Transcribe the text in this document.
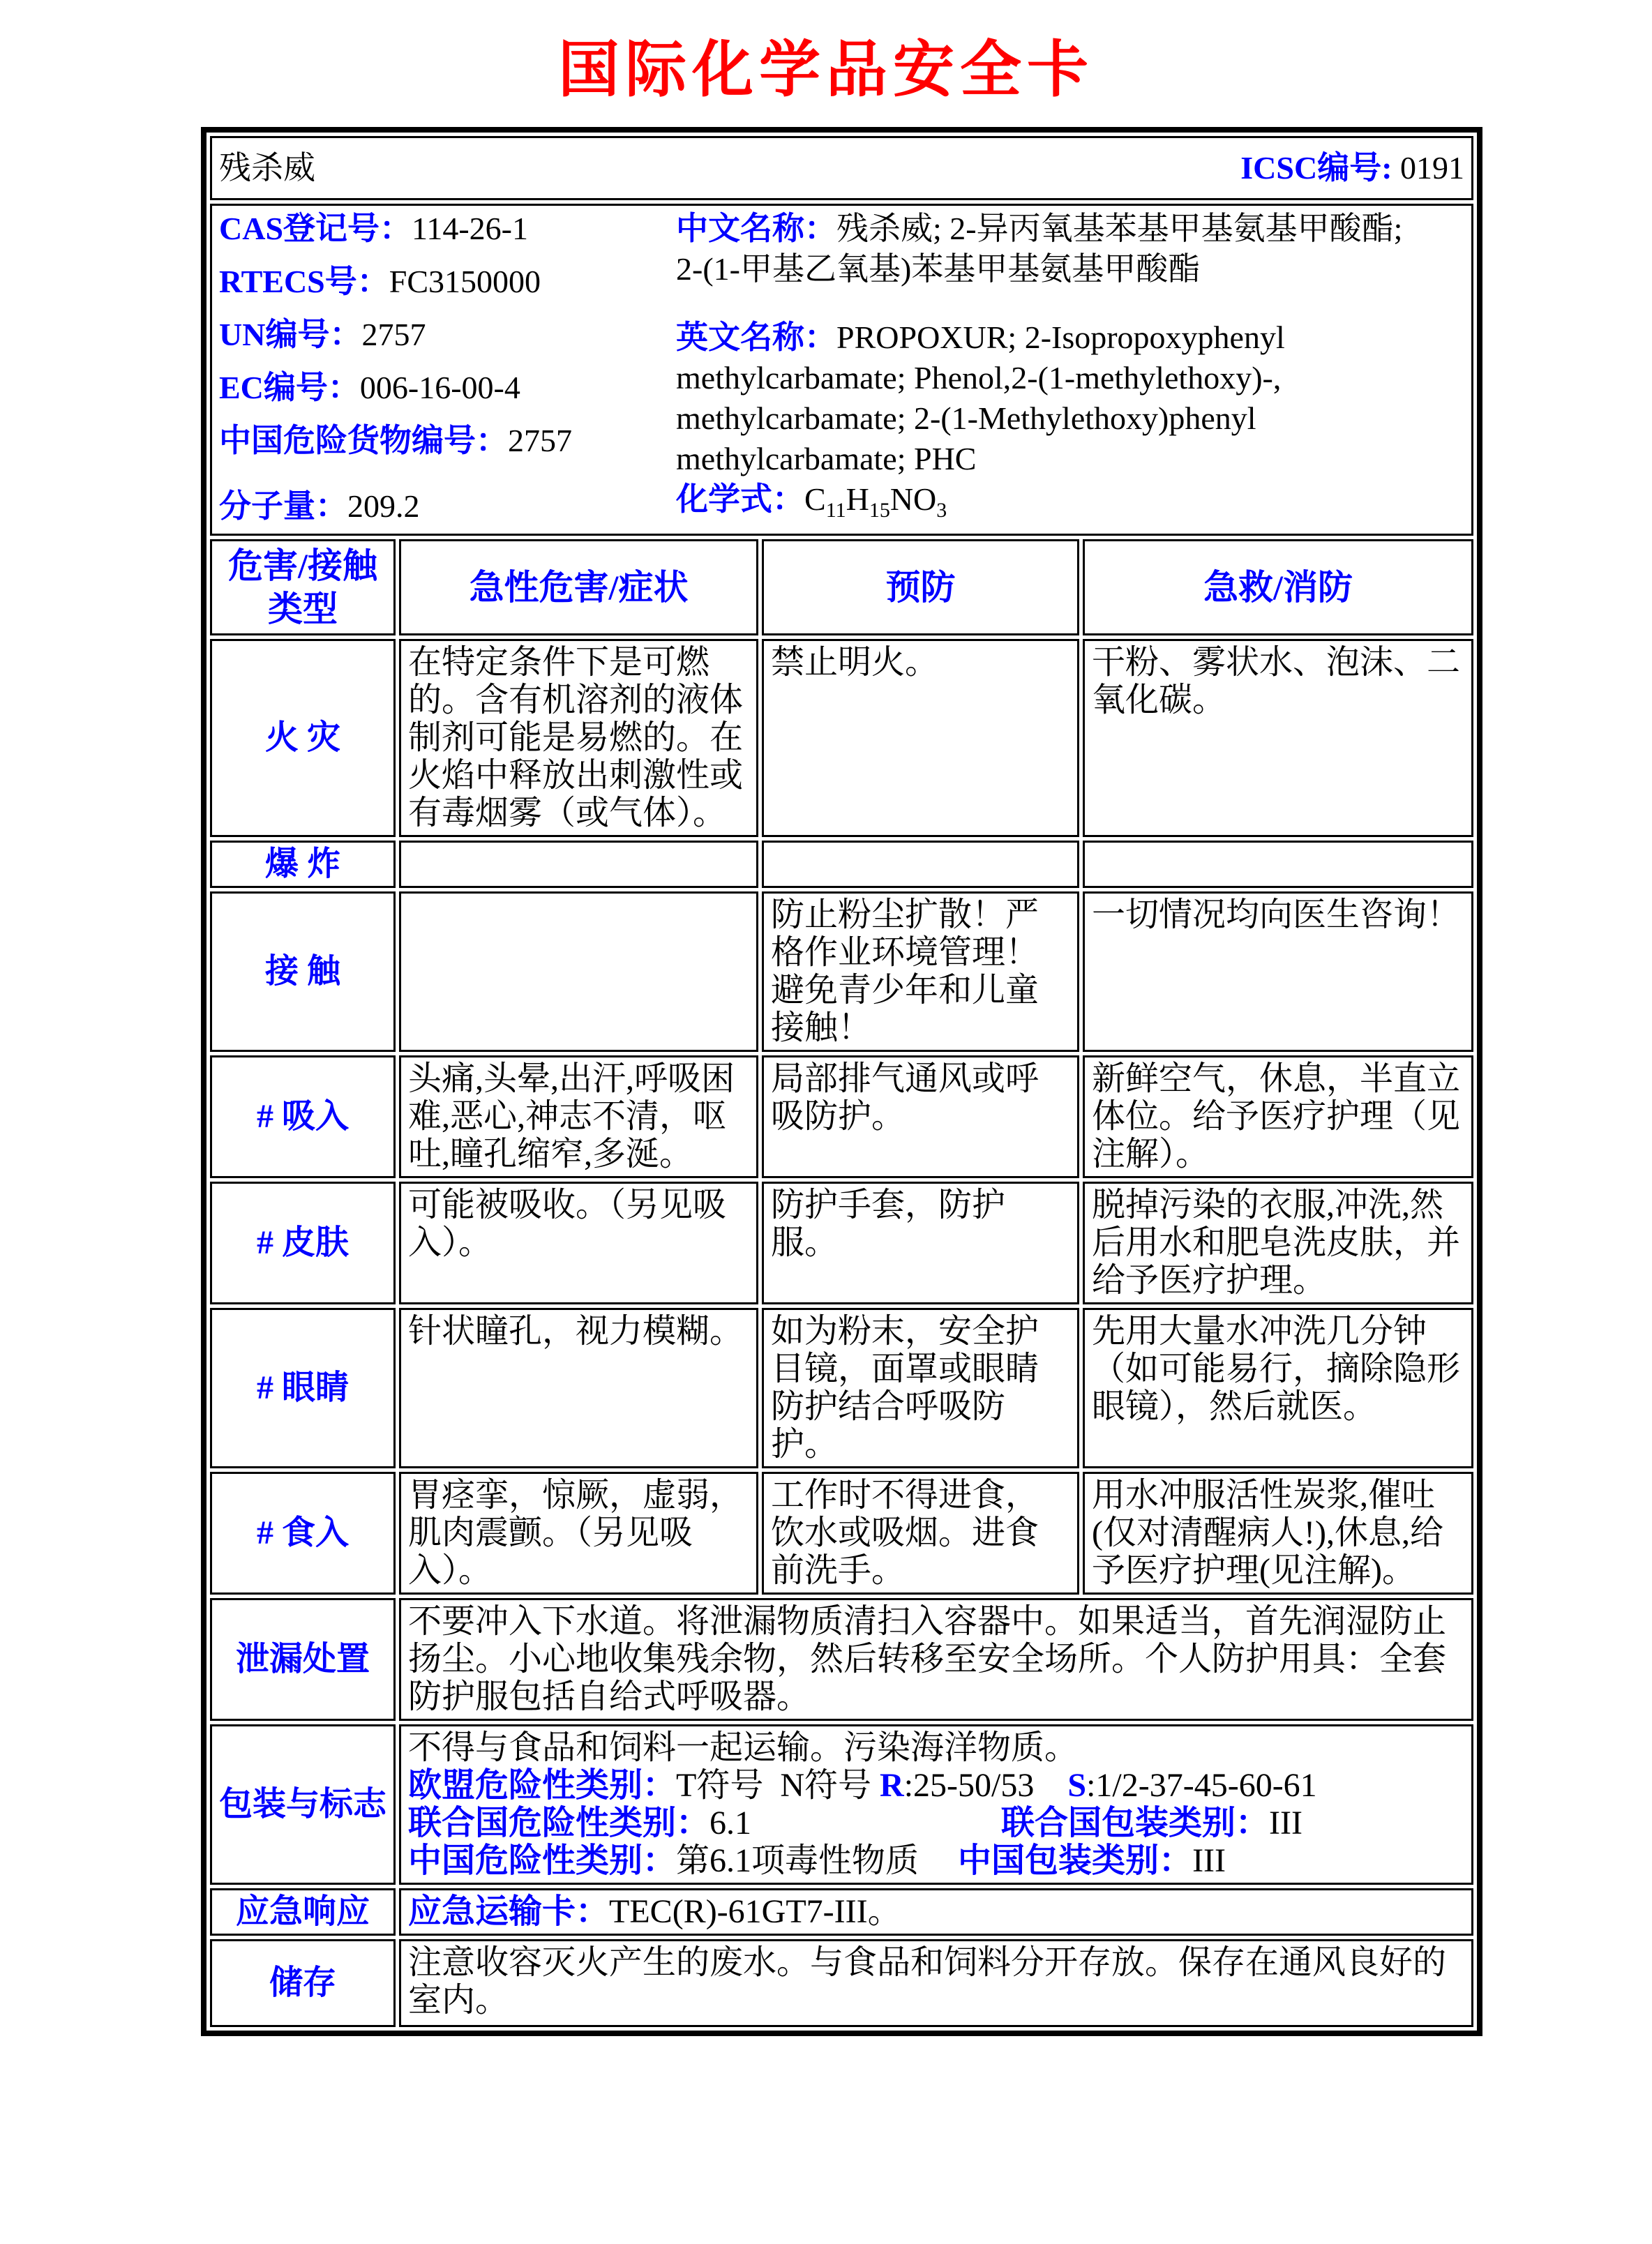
国际化学品安全卡
残杀威 ICSC编号: 0191			

CAS登记号：114-26-1
RTECS号：FC3150000
UN编号：2757
EC编号：006-16-00-4
中国危险货物编号：2757
分子量：209.2

中文名称：残杀威; 2-异丙氧基苯基甲基氨基甲酸酯; 2-(1-甲基乙氧基)苯基甲基氨基甲酸酯

英文名称：PROPOXUR; 2-Isopropoxyphenyl methylcarbamate; Phenol,2-(1-methylethoxy)-, methylcarbamate; 2-(1-Methylethoxy)phenyl methylcarbamate; PHC

化学式：$C_{11}H_{15}NO_3$

危害/接触类型	急性危害/症状	预防	急救/消防
火 灾	在特定条件下是可燃的。含有机溶剂的液体制剂可能是易燃的。在火焰中释放出刺激性或有毒烟雾（或气体）。	禁止明火。	干粉、雾状水、泡沫、二氧化碳。
爆 炸			
接 触		防止粉尘扩散！严格作业环境管理！避免青少年和儿童接触！	一切情况均向医生咨询！
# 吸入	头痛,头晕,出汗,呼吸困难,恶心,神志不清，呕吐,瞳孔缩窄,多涎。	局部排气通风或呼吸防护。	新鲜空气，休息，半直立体位。给予医疗护理（见注解）。
# 皮肤	可能被吸收。（另见吸入）。	防护手套，防护服。	脱掉污染的衣服,冲洗,然后用水和肥皂洗皮肤，并给予医疗护理。
# 眼睛	针状瞳孔，视力模糊。	如为粉末，安全护目镜，面罩或眼睛防护结合呼吸防护。	先用大量水冲洗几分钟（如可能易行，摘除隐形眼镜），然后就医。
# 食入	胃痉挛，惊厥，虚弱，肌肉震颤。（另见吸入）。	工作时不得进食，饮水或吸烟。进食前洗手。	用水冲服活性炭浆,催吐(仅对清醒病人!),休息,给予医疗护理(见注解)。
泄漏处置	不要冲入下水道。将泄漏物质清扫入容器中。如果适当，首先润湿防止扬尘。小心地收集残余物，然后转移至安全场所。个人防护用具：全套防护服包括自给式呼吸器。		
包装与标志	不得与食品和饲料一起运输。污染海洋物质。
欧盟危险性类别：T符号  N符号 R:25-50/53    S:1/2-37-45-60-61
联合国危险性类别：6.1 联合国包装类别：III
中国危险性类别：第6.1项毒性物质 中国包装类别：III		

应急响应	应急运输卡：TEC(R)-61GT7-III。		

储存	注意收容灭火产生的废水。与食品和饲料分开存放。保存在通风良好的室内。		
